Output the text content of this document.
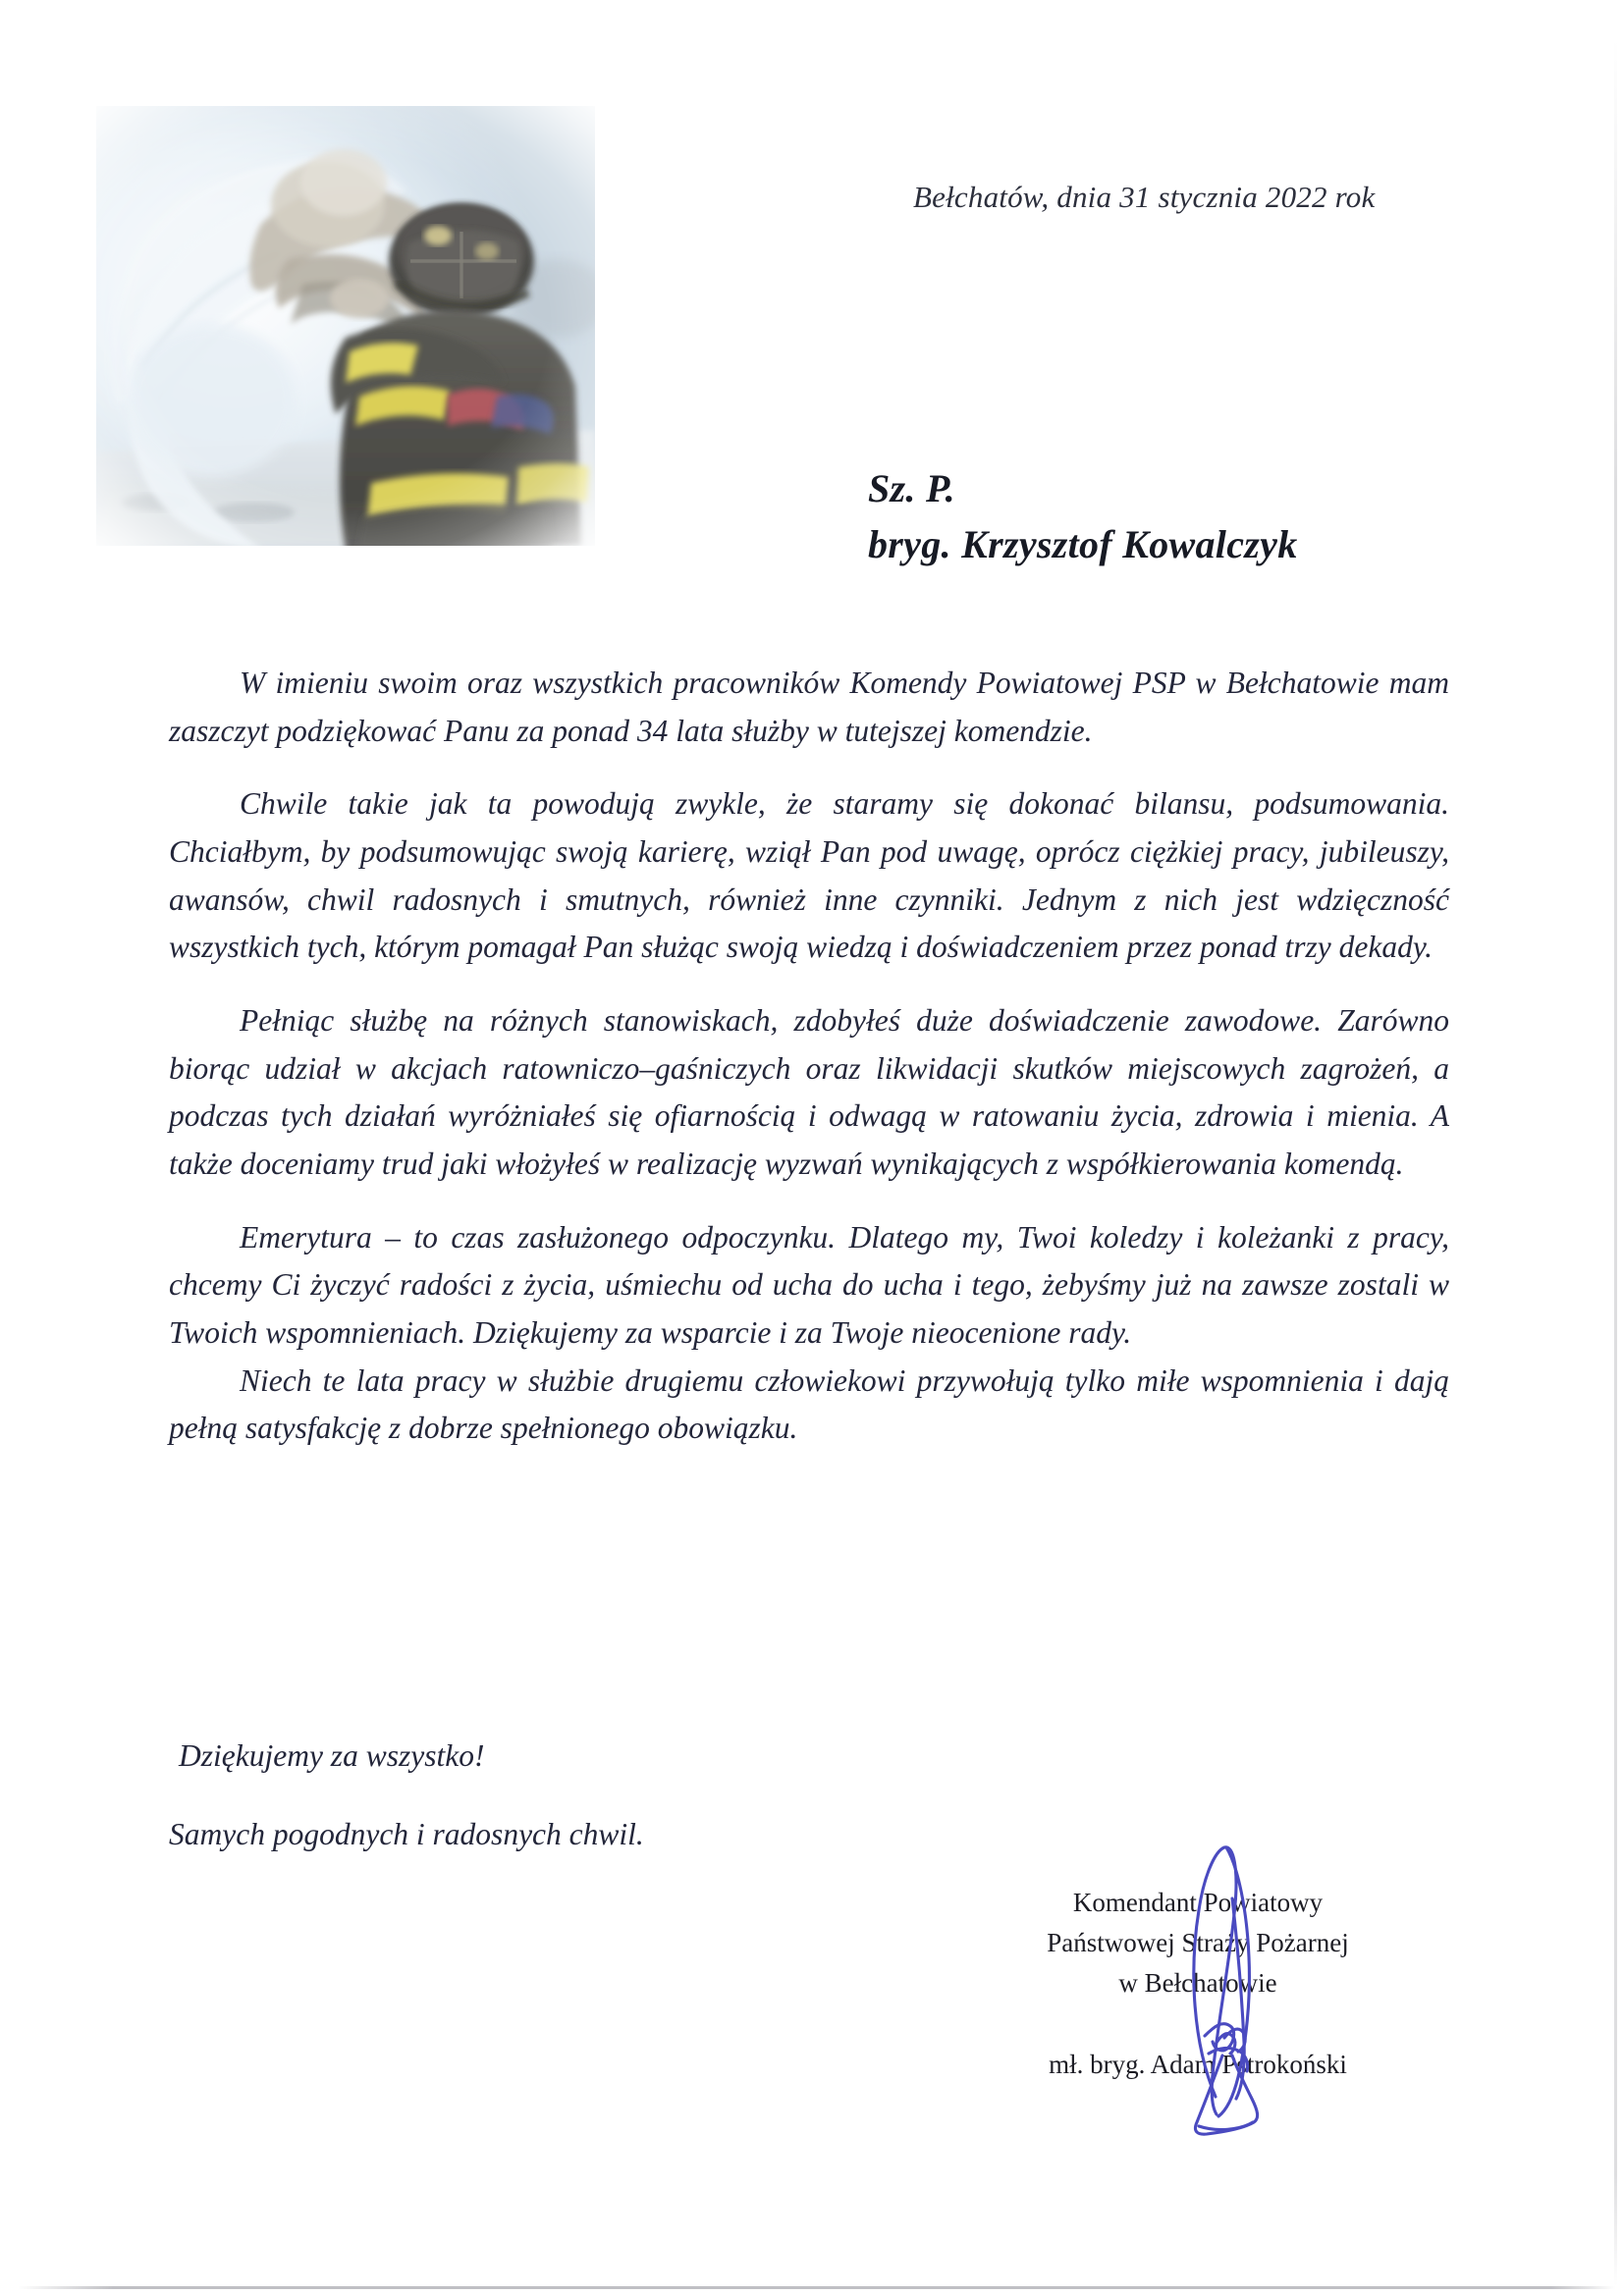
Bełchatów, dnia 31 stycznia 2022 rok
Sz. P.
bryg. Krzysztof Kowalczyk

W imieniu swoim oraz wszystkich pracowników Komendy Powiatowej PSP w Bełchatowie mam zaszczyt podziękować Panu za ponad 34 lata służby w tutejszej komendzie.

Chwile takie jak ta powodują zwykle, że staramy się dokonać bilansu, podsumowania. Chciałbym, by podsumowując swoją karierę, wziął Pan pod uwagę, oprócz ciężkiej pracy, jubileuszy, awansów, chwil radosnych i smutnych, również inne czynniki. Jednym z nich jest wdzięczność wszystkich tych, którym pomagał Pan służąc swoją wiedzą i doświadczeniem przez ponad trzy dekady.

Pełniąc służbę na różnych stanowiskach, zdobyłeś duże doświadczenie zawodowe. Zarówno biorąc udział w akcjach ratowniczo–gaśniczych oraz likwidacji skutków miejscowych zagrożeń, a podczas tych działań wyróżniałeś się ofiarnością i odwagą w ratowaniu życia, zdrowia i mienia. A także doceniamy trud jaki włożyłeś w realizację wyzwań wynikających z współkierowania komendą.

Emerytura – to czas zasłużonego odpoczynku. Dlatego my, Twoi koledzy i koleżanki z pracy, chcemy Ci życzyć radości z życia, uśmiechu od ucha do ucha i tego, żebyśmy już na zawsze zostali w Twoich wspomnieniach. Dziękujemy za wsparcie i za Twoje nieocenione rady.

Niech te lata pracy w służbie drugiemu człowiekowi przywołują tylko miłe wspomnienia i dają pełną satysfakcję z dobrze spełnionego obowiązku.

Dziękujemy za wszystko!
Samych pogodnych i radosnych chwil.
Komendant Powiatowy
Państwowej Straży Pożarnej
w Bełchatowie
mł. bryg. Adam Pstrokoński
